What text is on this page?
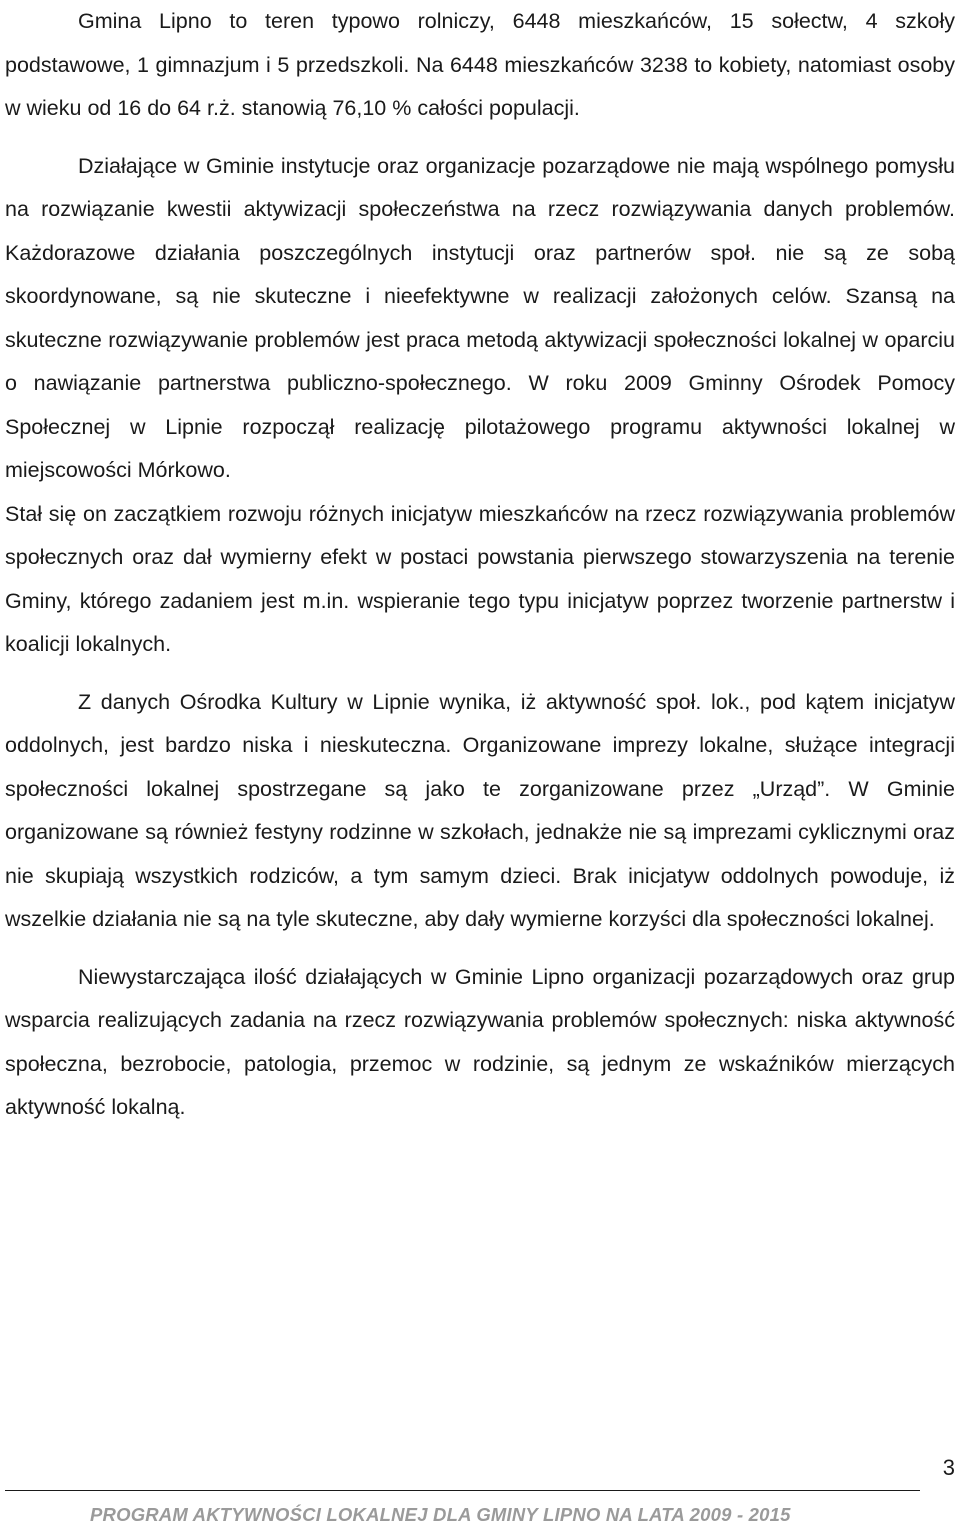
Gmina Lipno to teren typowo rolniczy, 6448 mieszkańców, 15 sołectw, 4 szkoły podstawowe, 1 gimnazjum i 5 przedszkoli. Na 6448 mieszkańców 3238 to kobiety, natomiast osoby w wieku od 16 do 64 r.ż. stanowią 76,10 % całości populacji.

Działające w Gminie instytucje oraz organizacje pozarządowe nie mają wspólnego pomysłu na rozwiązanie kwestii aktywizacji społeczeństwa na rzecz rozwiązywania danych problemów. Każdorazowe działania poszczególnych instytucji oraz partnerów społ. nie są ze sobą skoordynowane, są nie skuteczne i nieefektywne w realizacji założonych celów. Szansą na skuteczne rozwiązywanie problemów jest praca metodą aktywizacji społeczności lokalnej w oparciu o nawiązanie partnerstwa publiczno-społecznego. W roku 2009 Gminny Ośrodek Pomocy Społecznej w Lipnie rozpoczął realizację pilotażowego programu aktywności lokalnej w miejscowości Mórkowo.

Stał się on zaczątkiem rozwoju różnych inicjatyw mieszkańców na rzecz rozwiązywania problemów społecznych oraz dał wymierny efekt w postaci powstania pierwszego stowarzyszenia na terenie Gminy, którego zadaniem jest m.in. wspieranie tego typu inicjatyw poprzez tworzenie partnerstw i koalicji lokalnych.

Z danych Ośrodka Kultury w Lipnie wynika, iż aktywność społ. lok., pod kątem inicjatyw oddolnych, jest bardzo niska i nieskuteczna. Organizowane imprezy lokalne, służące integracji społeczności lokalnej spostrzegane są jako te zorganizowane przez „Urząd”. W Gminie organizowane są również festyny rodzinne w szkołach, jednakże nie są imprezami cyklicznymi oraz nie skupiają wszystkich rodziców, a tym samym dzieci. Brak inicjatyw oddolnych powoduje, iż wszelkie działania nie są na tyle skuteczne, aby dały wymierne korzyści dla społeczności lokalnej.

Niewystarczająca ilość działających w Gminie Lipno organizacji pozarządowych oraz grup wsparcia realizujących zadania na rzecz rozwiązywania problemów społecznych: niska aktywność społeczna, bezrobocie, patologia, przemoc w rodzinie, są jednym ze wskaźników mierzących aktywność lokalną.

3
PROGRAM AKTYWNOŚCI LOKALNEJ DLA GMINY LIPNO NA LATA 2009 - 2015
